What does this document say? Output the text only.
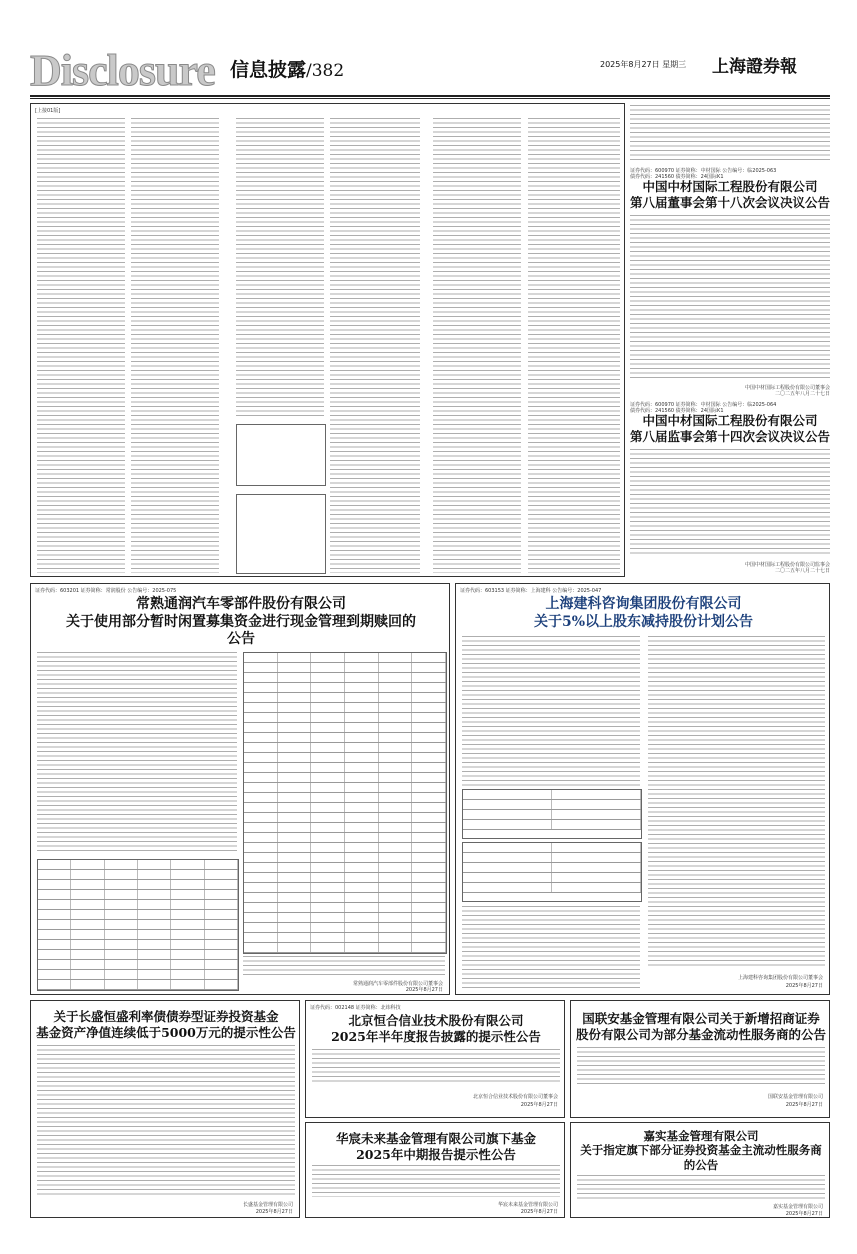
Disclosure 信息披露/382	2025年8月27日 星期三 上海證券報
[上接01版]
证券代码：600970 证券简称：中材国际 公告编号：临2025-063
债券代码：241560 债券简称：24国际K1
中国中材国际工程股份有限公司
第八届董事会第十八次会议决议公告
中国中材国际工程股份有限公司董事会
二〇二五年八月二十七日
证券代码：600970 证券简称：中材国际 公告编号：临2025-064
债券代码：241560 债券简称：24国际K1
中国中材国际工程股份有限公司
第八届监事会第十四次会议决议公告
中国中材国际工程股份有限公司监事会
二〇二五年八月二十七日
证券代码：603201 证券简称：常润股份 公告编号：2025-075
常熟通润汽车零部件股份有限公司
关于使用部分暂时闲置募集资金进行现金管理到期赎回的
公告
常熟通润汽车零部件股份有限公司董事会
2025年8月27日
证券代码：603153 证券简称：上海建科 公告编号：2025-047
上海建科咨询集团股份有限公司
关于5%以上股东减持股份计划公告
上海建科咨询集团股份有限公司董事会
2025年8月27日
关于长盛恒盛利率债债券型证券投资基金
基金资产净值连续低于5000万元的提示性公告
长盛基金管理有限公司
2025年8月27日
证券代码：002148 证券简称：北纬科技
北京恒合信业技术股份有限公司
2025年半年度报告披露的提示性公告
北京恒合信业技术股份有限公司董事会
2025年8月27日
华宸未来基金管理有限公司旗下基金
2025年中期报告提示性公告
华宸未来基金管理有限公司
2025年8月27日
国联安基金管理有限公司关于新增招商证券
股份有限公司为部分基金流动性服务商的公告
国联安基金管理有限公司
2025年8月27日
嘉实基金管理有限公司
关于指定旗下部分证券投资基金主流动性服务商
的公告
嘉实基金管理有限公司
2025年8月27日
